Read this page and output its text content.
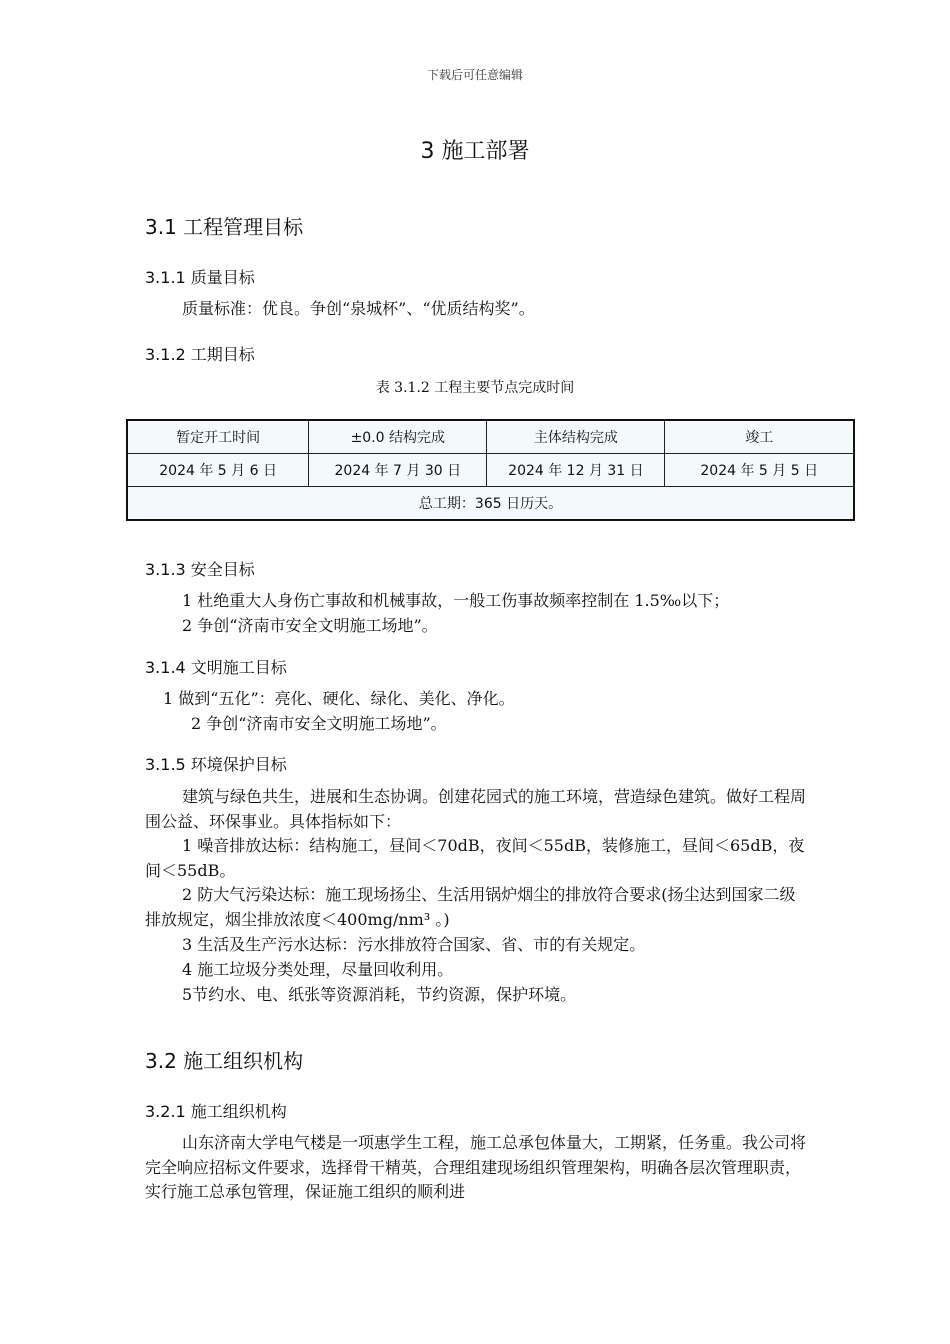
下载后可任意编辑
3 施工部署
3.1 工程管理目标
3.1.1 质量目标
质量标准：优良。争创“泉城杯”、“优质结构奖”。
3.1.2 工期目标
表 3.1.2 工程主要节点完成时间
暂定开工时间	±0.0 结构完成	主体结构完成	竣工
2024 年 5 月 6 日	2024 年 7 月 30 日	2024 年 12 月 31 日	2024 年 5 月 5 日
总工期：365 日历天。			
3.1.3 安全目标
1 杜绝重大人身伤亡事故和机械事故，一般工伤事故频率控制在 1.5‰以下；
2 争创“济南市安全文明施工场地”。
3.1.4 文明施工目标
1 做到“五化”：亮化、硬化、绿化、美化、净化。
2 争创“济南市安全文明施工场地”。
3.1.5 环境保护目标
建筑与绿色共生，进展和生态协调。创建花园式的施工环境，营造绿色建筑。做好工程周围公益、环保事业。具体指标如下：
1 噪音排放达标：结构施工，昼间＜70dB，夜间＜55dB，装修施工，昼间＜65dB，夜间＜55dB。
2 防大气污染达标：施工现场扬尘、生活用锅炉烟尘的排放符合要求(扬尘达到国家二级排放规定，烟尘排放浓度＜400mg/nm³ 。)
3 生活及生产污水达标：污水排放符合国家、省、市的有关规定。
4 施工垃圾分类处理，尽量回收利用。
5节约水、电、纸张等资源消耗，节约资源，保护环境。
3.2 施工组织机构
3.2.1 施工组织机构
山东济南大学电气楼是一项惠学生工程，施工总承包体量大，工期紧，任务重。我公司将完全响应招标文件要求，选择骨干精英，合理组建现场组织管理架构，明确各层次管理职责，实行施工总承包管理，保证施工组织的顺利进
